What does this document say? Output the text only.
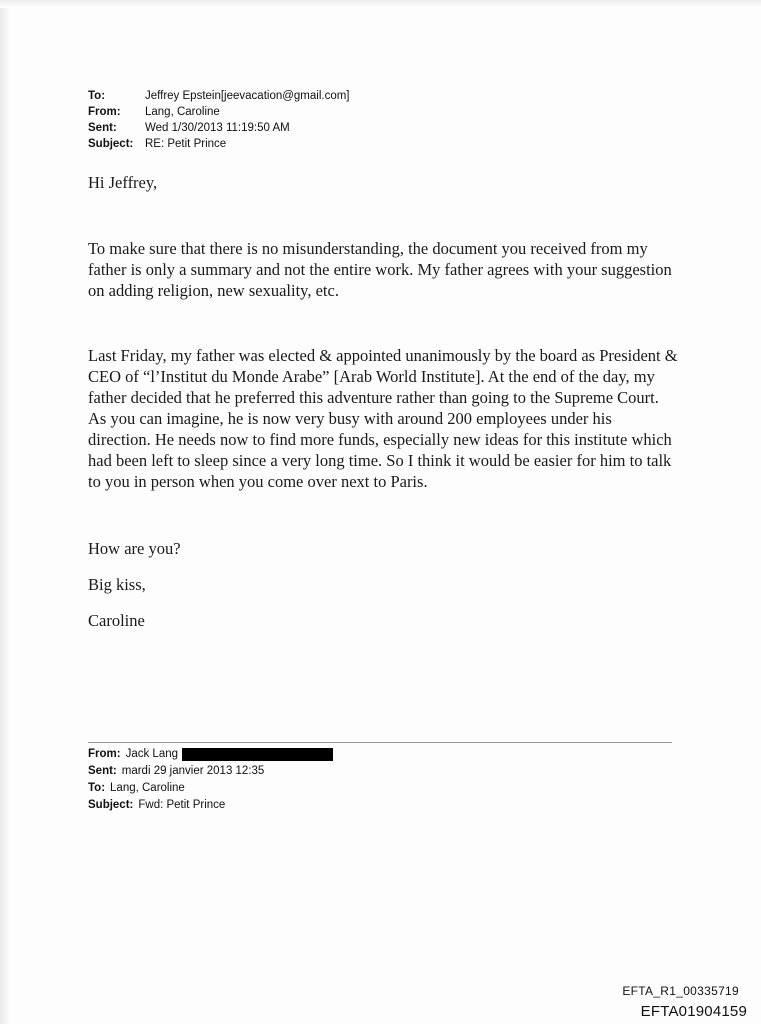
To:	Jeffrey Epstein[jeevacation@gmail.com]
From:	Lang, Caroline
Sent:	Wed 1/30/2013 11:19:50 AM
Subject:	RE: Petit Prince

Hi Jeffrey,

To make sure that there is no misunderstanding, the document you received from my father is only a summary and not the entire work. My father agrees with your suggestion on adding religion, new sexuality, etc.

Last Friday, my father was elected & appointed unanimously by the board as President & CEO of “l’Institut du Monde Arabe” [Arab World Institute]. At the end of the day, my father decided that he preferred this adventure rather than going to the Supreme Court. As you can imagine, he is now very busy with around 200 employees under his direction. He needs now to find more funds, especially new ideas for this institute which had been left to sleep since a very long time. So I think it would be easier for him to talk to you in person when you come over next to Paris.

How are you?

Big kiss,

Caroline

From: Jack Lang
Sent: mardi 29 janvier 2013 12:35
To: Lang, Caroline
Subject: Fwd: Petit Prince
EFTA_R1_00335719
EFTA01904159
